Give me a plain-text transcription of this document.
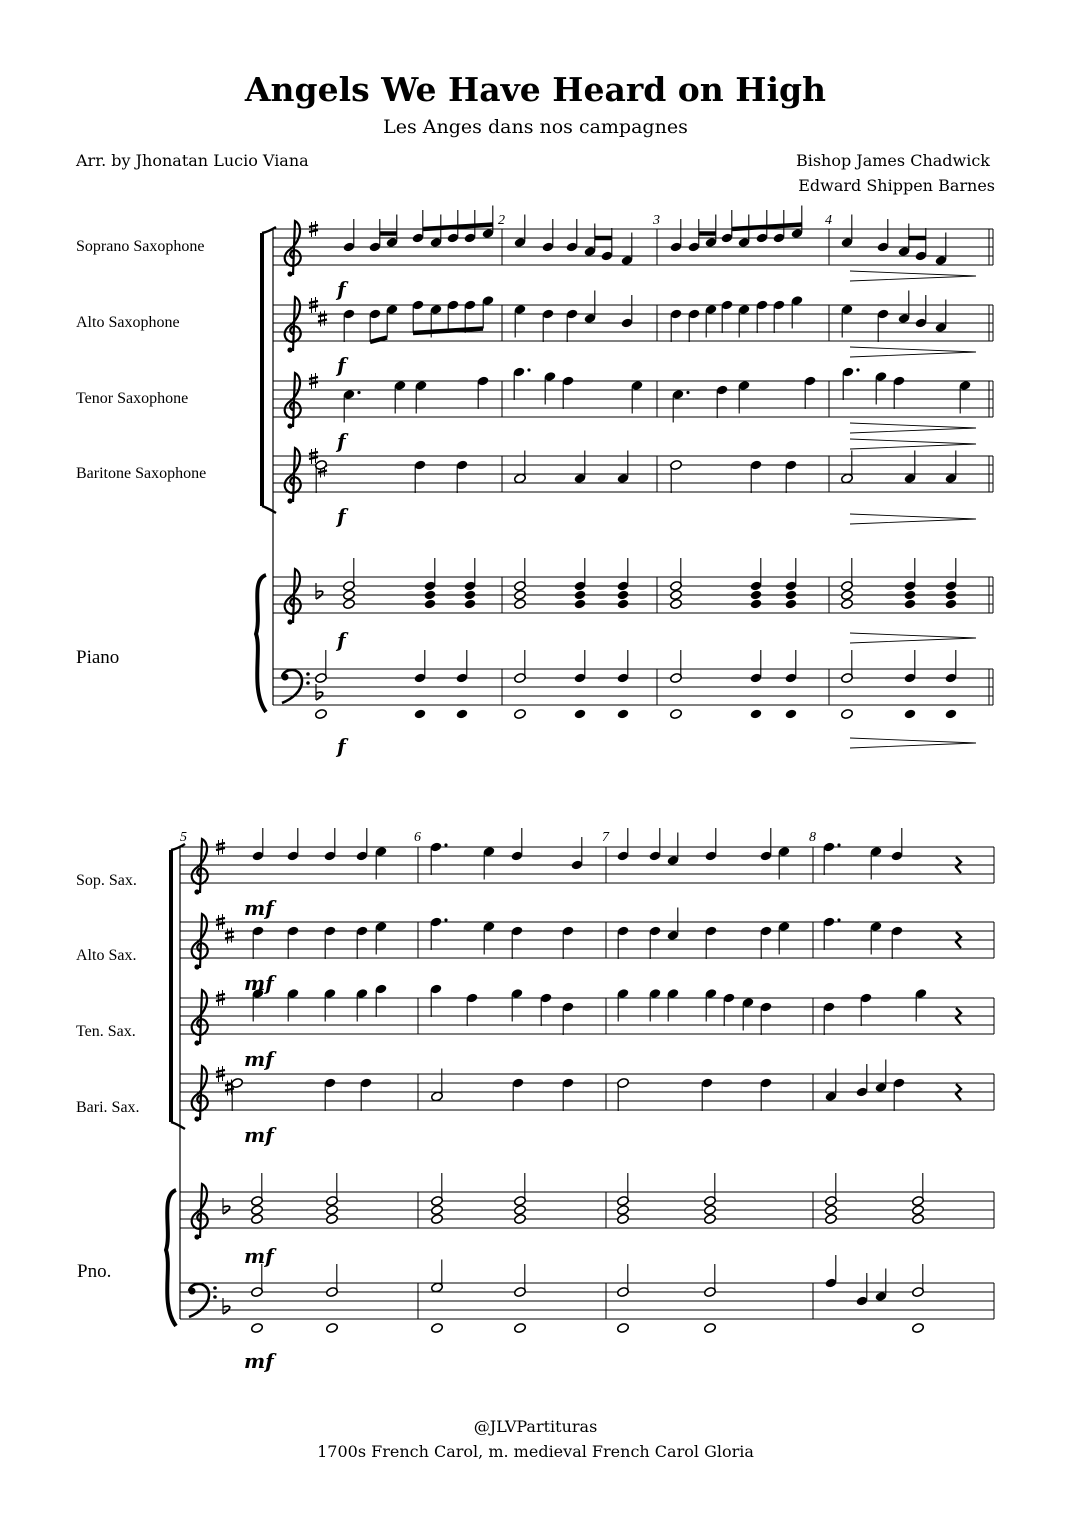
Angels We Have Heard on High
Les Anges dans nos campagnes
Arr. by Jhonatan Lucio Viana	Bishop James Chadwick
Edward Shippen Barnes
Soprano Saxophone
Alto Saxophone
Tenor Saxophone
Baritone Saxophone
Piano
2	3	4
f
f
f
f
f
f
Sop. Sax.
Alto Sax.
Ten. Sax.
Bari. Sax.
Pno.
5	6	7	8
mf
mf
mf
mf
mf
mf
@JLVPartituras
1700s French Carol, m. medieval French Carol Gloria
